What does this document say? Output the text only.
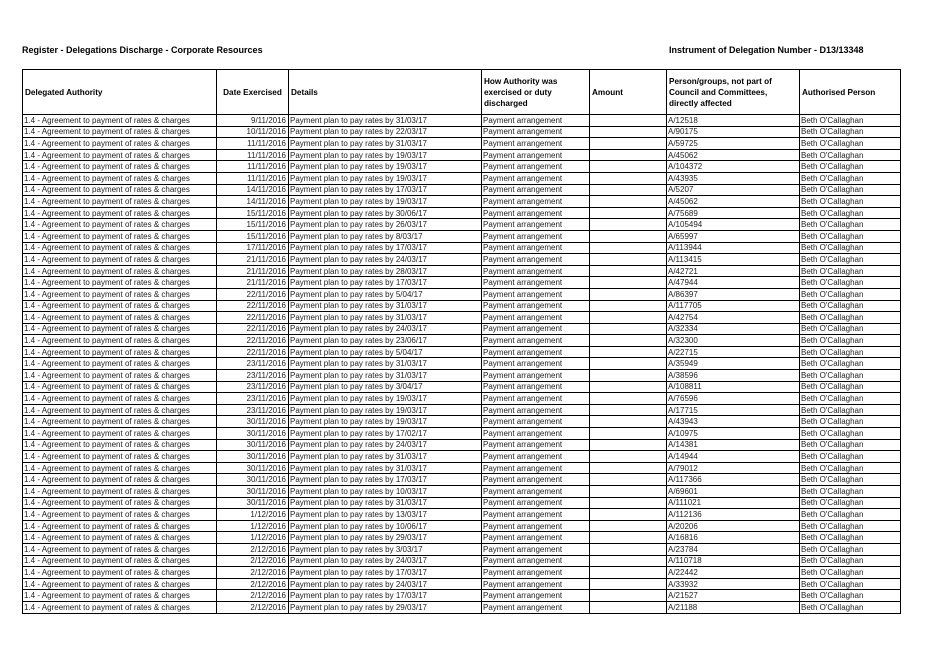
Register - Delegations Discharge - Corporate Resources	Instrument of Delegation Number - D13/13348
Delegated Authority	Date Exercised	Details	How Authority was exercised or duty discharged	Amount	Person/groups, not part of Council and Committees, directly affected	Authorised Person
1.4 - Agreement to payment of rates & charges	9/11/2016	Payment plan to pay rates by 31/03/17	Payment arrangement		A/12518	Beth O'Callaghan
1.4 - Agreement to payment of rates & charges	10/11/2016	Payment plan to pay rates by 22/03/17	Payment arrangement		A/90175	Beth O'Callaghan
1.4 - Agreement to payment of rates & charges	11/11/2016	Payment plan to pay rates by 31/03/17	Payment arrangement		A/59725	Beth O'Callaghan
1.4 - Agreement to payment of rates & charges	11/11/2016	Payment plan to pay rates by 19/03/17	Payment arrangement		A/45062	Beth O'Callaghan
1.4 - Agreement to payment of rates & charges	11/11/2016	Payment plan to pay rates by 19/03/17	Payment arrangement		A/104372	Beth O'Callaghan
1.4 - Agreement to payment of rates & charges	11/11/2016	Payment plan to pay rates by 19/03/17	Payment arrangement		A/43935	Beth O'Callaghan
1.4 - Agreement to payment of rates & charges	14/11/2016	Payment plan to pay rates by 17/03/17	Payment arrangement		A/5207	Beth O'Callaghan
1.4 - Agreement to payment of rates & charges	14/11/2016	Payment plan to pay rates by 19/03/17	Payment arrangement		A/45062	Beth O'Callaghan
1.4 - Agreement to payment of rates & charges	15/11/2016	Payment plan to pay rates by 30/06/17	Payment arrangement		A/75689	Beth O'Callaghan
1.4 - Agreement to payment of rates & charges	15/11/2016	Payment plan to pay rates by 26/03/17	Payment arrangement		A/105494	Beth O'Callaghan
1.4 - Agreement to payment of rates & charges	15/11/2016	Payment plan to pay rates by 8/03/17	Payment arrangement		A/65997	Beth O'Callaghan
1.4 - Agreement to payment of rates & charges	17/11/2016	Payment plan to pay rates by 17/03/17	Payment arrangement		A/113944	Beth O'Callaghan
1.4 - Agreement to payment of rates & charges	21/11/2016	Payment plan to pay rates by 24/03/17	Payment arrangement		A/113415	Beth O'Callaghan
1.4 - Agreement to payment of rates & charges	21/11/2016	Payment plan to pay rates by 28/03/17	Payment arrangement		A/42721	Beth O'Callaghan
1.4 - Agreement to payment of rates & charges	21/11/2016	Payment plan to pay rates by 17/03/17	Payment arrangement		A/47944	Beth O'Callaghan
1.4 - Agreement to payment of rates & charges	22/11/2016	Payment plan to pay rates by 5/04/17	Payment arrangement		A/86397	Beth O'Callaghan
1.4 - Agreement to payment of rates & charges	22/11/2016	Payment plan to pay rates by 31/03/17	Payment arrangement		A/117705	Beth O'Callaghan
1.4 - Agreement to payment of rates & charges	22/11/2016	Payment plan to pay rates by 31/03/17	Payment arrangement		A/42754	Beth O'Callaghan
1.4 - Agreement to payment of rates & charges	22/11/2016	Payment plan to pay rates by 24/03/17	Payment arrangement		A/32334	Beth O'Callaghan
1.4 - Agreement to payment of rates & charges	22/11/2016	Payment plan to pay rates by 23/06/17	Payment arrangement		A/32300	Beth O'Callaghan
1.4 - Agreement to payment of rates & charges	22/11/2016	Payment plan to pay rates by 5/04/17	Payment arrangement		A/22715	Beth O'Callaghan
1.4 - Agreement to payment of rates & charges	23/11/2016	Payment plan to pay rates by 31/03/17	Payment arrangement		A/35949	Beth O'Callaghan
1.4 - Agreement to payment of rates & charges	23/11/2016	Payment plan to pay rates by 31/03/17	Payment arrangement		A/38596	Beth O'Callaghan
1.4 - Agreement to payment of rates & charges	23/11/2016	Payment plan to pay rates by 3/04/17	Payment arrangement		A/108811	Beth O'Callaghan
1.4 - Agreement to payment of rates & charges	23/11/2016	Payment plan to pay rates by 19/03/17	Payment arrangement		A/76596	Beth O'Callaghan
1.4 - Agreement to payment of rates & charges	23/11/2016	Payment plan to pay rates by 19/03/17	Payment arrangement		A/17715	Beth O'Callaghan
1.4 - Agreement to payment of rates & charges	30/11/2016	Payment plan to pay rates by 19/03/17	Payment arrangement		A/43943	Beth O'Callaghan
1.4 - Agreement to payment of rates & charges	30/11/2016	Payment plan to pay rates by 17/02/17	Payment arrangement		A/10975	Beth O'Callaghan
1.4 - Agreement to payment of rates & charges	30/11/2016	Payment plan to pay rates by 24/03/17	Payment arrangement		A/14381	Beth O'Callaghan
1.4 - Agreement to payment of rates & charges	30/11/2016	Payment plan to pay rates by 31/03/17	Payment arrangement		A/14944	Beth O'Callaghan
1.4 - Agreement to payment of rates & charges	30/11/2016	Payment plan to pay rates by 31/03/17	Payment arrangement		A/79012	Beth O'Callaghan
1.4 - Agreement to payment of rates & charges	30/11/2016	Payment plan to pay rates by 17/03/17	Payment arrangement		A/117366	Beth O'Callaghan
1.4 - Agreement to payment of rates & charges	30/11/2016	Payment plan to pay rates by 10/03/17	Payment arrangement		A/69601	Beth O'Callaghan
1.4 - Agreement to payment of rates & charges	30/11/2016	Payment plan to pay rates by 31/03/17	Payment arrangement		A/111021	Beth O'Callaghan
1.4 - Agreement to payment of rates & charges	1/12/2016	Payment plan to pay rates by 13/03/17	Payment arrangement		A/112136	Beth O'Callaghan
1.4 - Agreement to payment of rates & charges	1/12/2016	Payment plan to pay rates by 10/06/17	Payment arrangement		A/20206	Beth O'Callaghan
1.4 - Agreement to payment of rates & charges	1/12/2016	Payment plan to pay rates by 29/03/17	Payment arrangement		A/16816	Beth O'Callaghan
1.4 - Agreement to payment of rates & charges	2/12/2016	Payment plan to pay rates by 3/03/17	Payment arrangement		A/23784	Beth O'Callaghan
1.4 - Agreement to payment of rates & charges	2/12/2016	Payment plan to pay rates by 24/03/17	Payment arrangement		A/110718	Beth O'Callaghan
1.4 - Agreement to payment of rates & charges	2/12/2016	Payment plan to pay rates by 17/03/17	Payment arrangement		A/22442	Beth O'Callaghan
1.4 - Agreement to payment of rates & charges	2/12/2016	Payment plan to pay rates by 24/03/17	Payment arrangement		A/33932	Beth O'Callaghan
1.4 - Agreement to payment of rates & charges	2/12/2016	Payment plan to pay rates by 17/03/17	Payment arrangement		A/21527	Beth O'Callaghan
1.4 - Agreement to payment of rates & charges	2/12/2016	Payment plan to pay rates by 29/03/17	Payment arrangement		A/21188	Beth O'Callaghan
